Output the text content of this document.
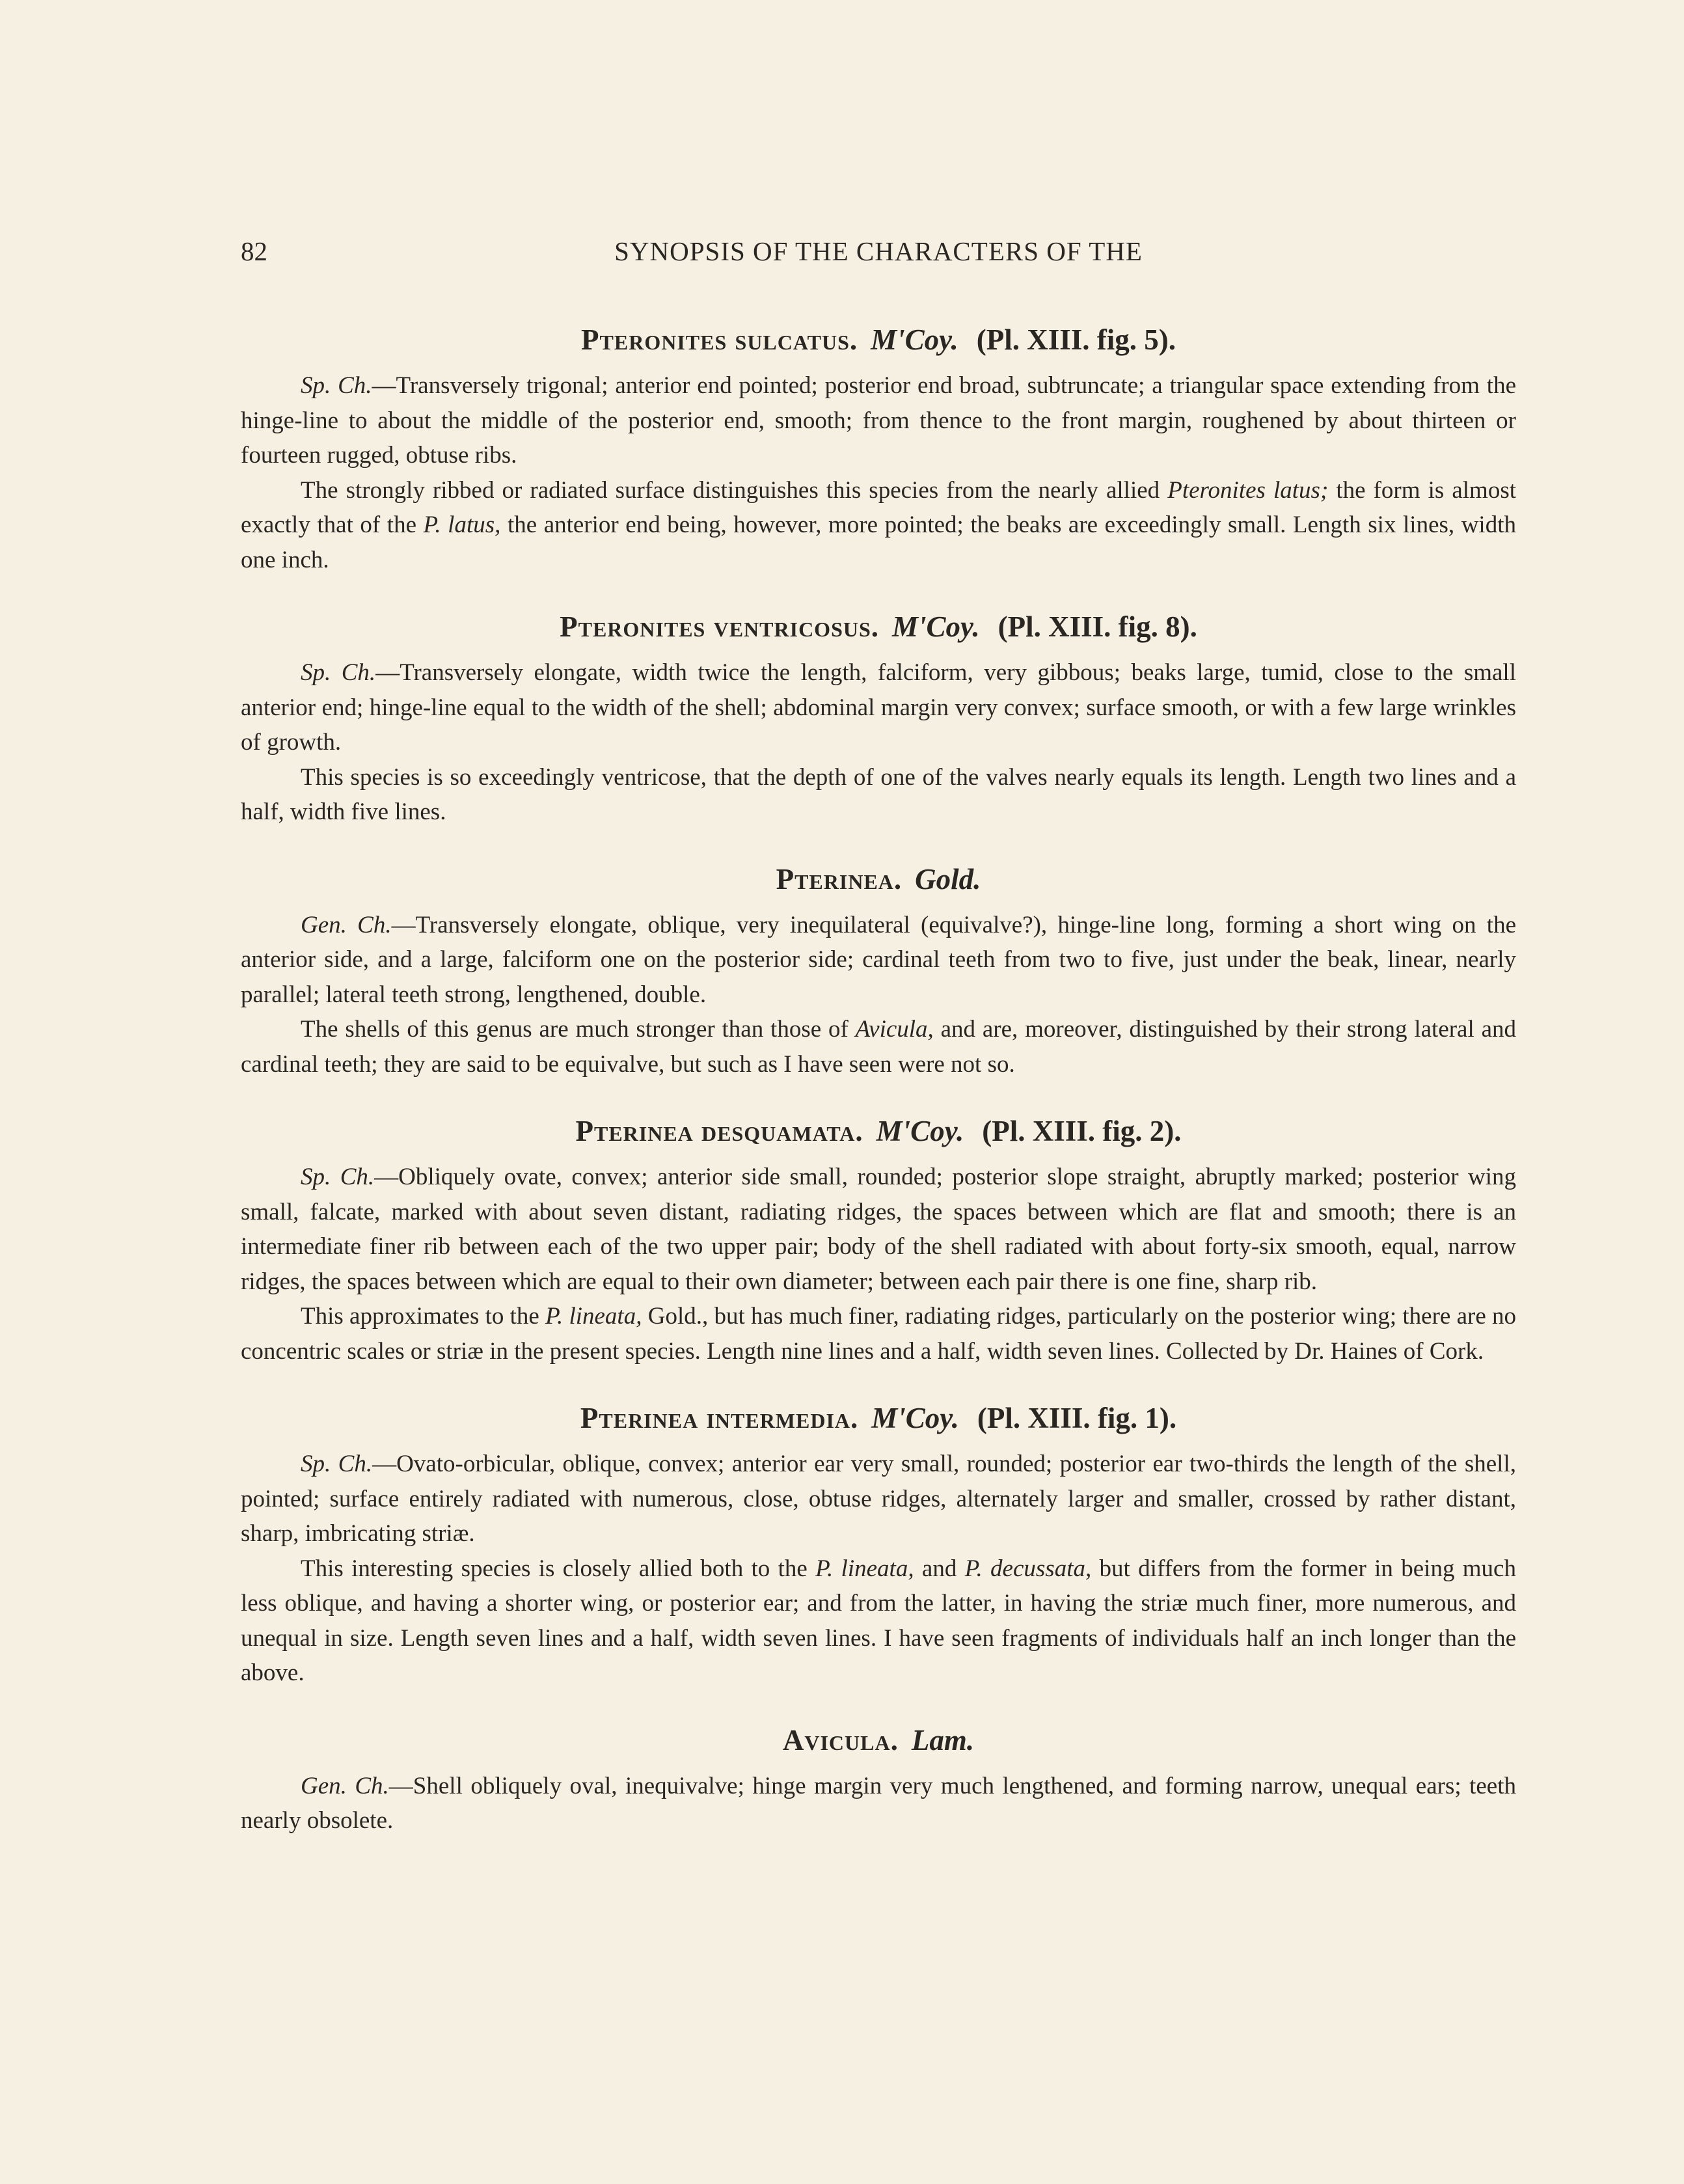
82	SYNOPSIS OF THE CHARACTERS OF THE
Pteronites sulcatus. M'Coy. (Pl. XIII. fig. 5).

Sp. Ch.—Transversely trigonal; anterior end pointed; posterior end broad, subtruncate; a triangular space extending from the hinge-line to about the middle of the posterior end, smooth; from thence to the front margin, roughened by about thirteen or fourteen rugged, obtuse ribs.

The strongly ribbed or radiated surface distinguishes this species from the nearly allied Pteronites latus; the form is almost exactly that of the P. latus, the anterior end being, however, more pointed; the beaks are exceedingly small. Length six lines, width one inch.

Pteronites ventricosus. M'Coy. (Pl. XIII. fig. 8).

Sp. Ch.—Transversely elongate, width twice the length, falciform, very gibbous; beaks large, tumid, close to the small anterior end; hinge-line equal to the width of the shell; abdominal margin very convex; surface smooth, or with a few large wrinkles of growth.

This species is so exceedingly ventricose, that the depth of one of the valves nearly equals its length. Length two lines and a half, width five lines.

Pterinea. Gold.

Gen. Ch.—Transversely elongate, oblique, very inequilateral (equivalve?), hinge-line long, forming a short wing on the anterior side, and a large, falciform one on the posterior side; cardinal teeth from two to five, just under the beak, linear, nearly parallel; lateral teeth strong, lengthened, double.

The shells of this genus are much stronger than those of Avicula, and are, moreover, distinguished by their strong lateral and cardinal teeth; they are said to be equivalve, but such as I have seen were not so.

Pterinea desquamata. M'Coy. (Pl. XIII. fig. 2).

Sp. Ch.—Obliquely ovate, convex; anterior side small, rounded; posterior slope straight, abruptly marked; posterior wing small, falcate, marked with about seven distant, radiating ridges, the spaces between which are flat and smooth; there is an intermediate finer rib between each of the two upper pair; body of the shell radiated with about forty-six smooth, equal, narrow ridges, the spaces between which are equal to their own diameter; between each pair there is one fine, sharp rib.

This approximates to the P. lineata, Gold., but has much finer, radiating ridges, particularly on the posterior wing; there are no concentric scales or striæ in the present species. Length nine lines and a half, width seven lines. Collected by Dr. Haines of Cork.

Pterinea intermedia. M'Coy. (Pl. XIII. fig. 1).

Sp. Ch.—Ovato-orbicular, oblique, convex; anterior ear very small, rounded; posterior ear two-thirds the length of the shell, pointed; surface entirely radiated with numerous, close, obtuse ridges, alternately larger and smaller, crossed by rather distant, sharp, imbricating striæ.

This interesting species is closely allied both to the P. lineata, and P. decussata, but differs from the former in being much less oblique, and having a shorter wing, or posterior ear; and from the latter, in having the striæ much finer, more numerous, and unequal in size. Length seven lines and a half, width seven lines. I have seen fragments of individuals half an inch longer than the above.

Avicula. Lam.

Gen. Ch.—Shell obliquely oval, inequivalve; hinge margin very much lengthened, and forming narrow, unequal ears; teeth nearly obsolete.
